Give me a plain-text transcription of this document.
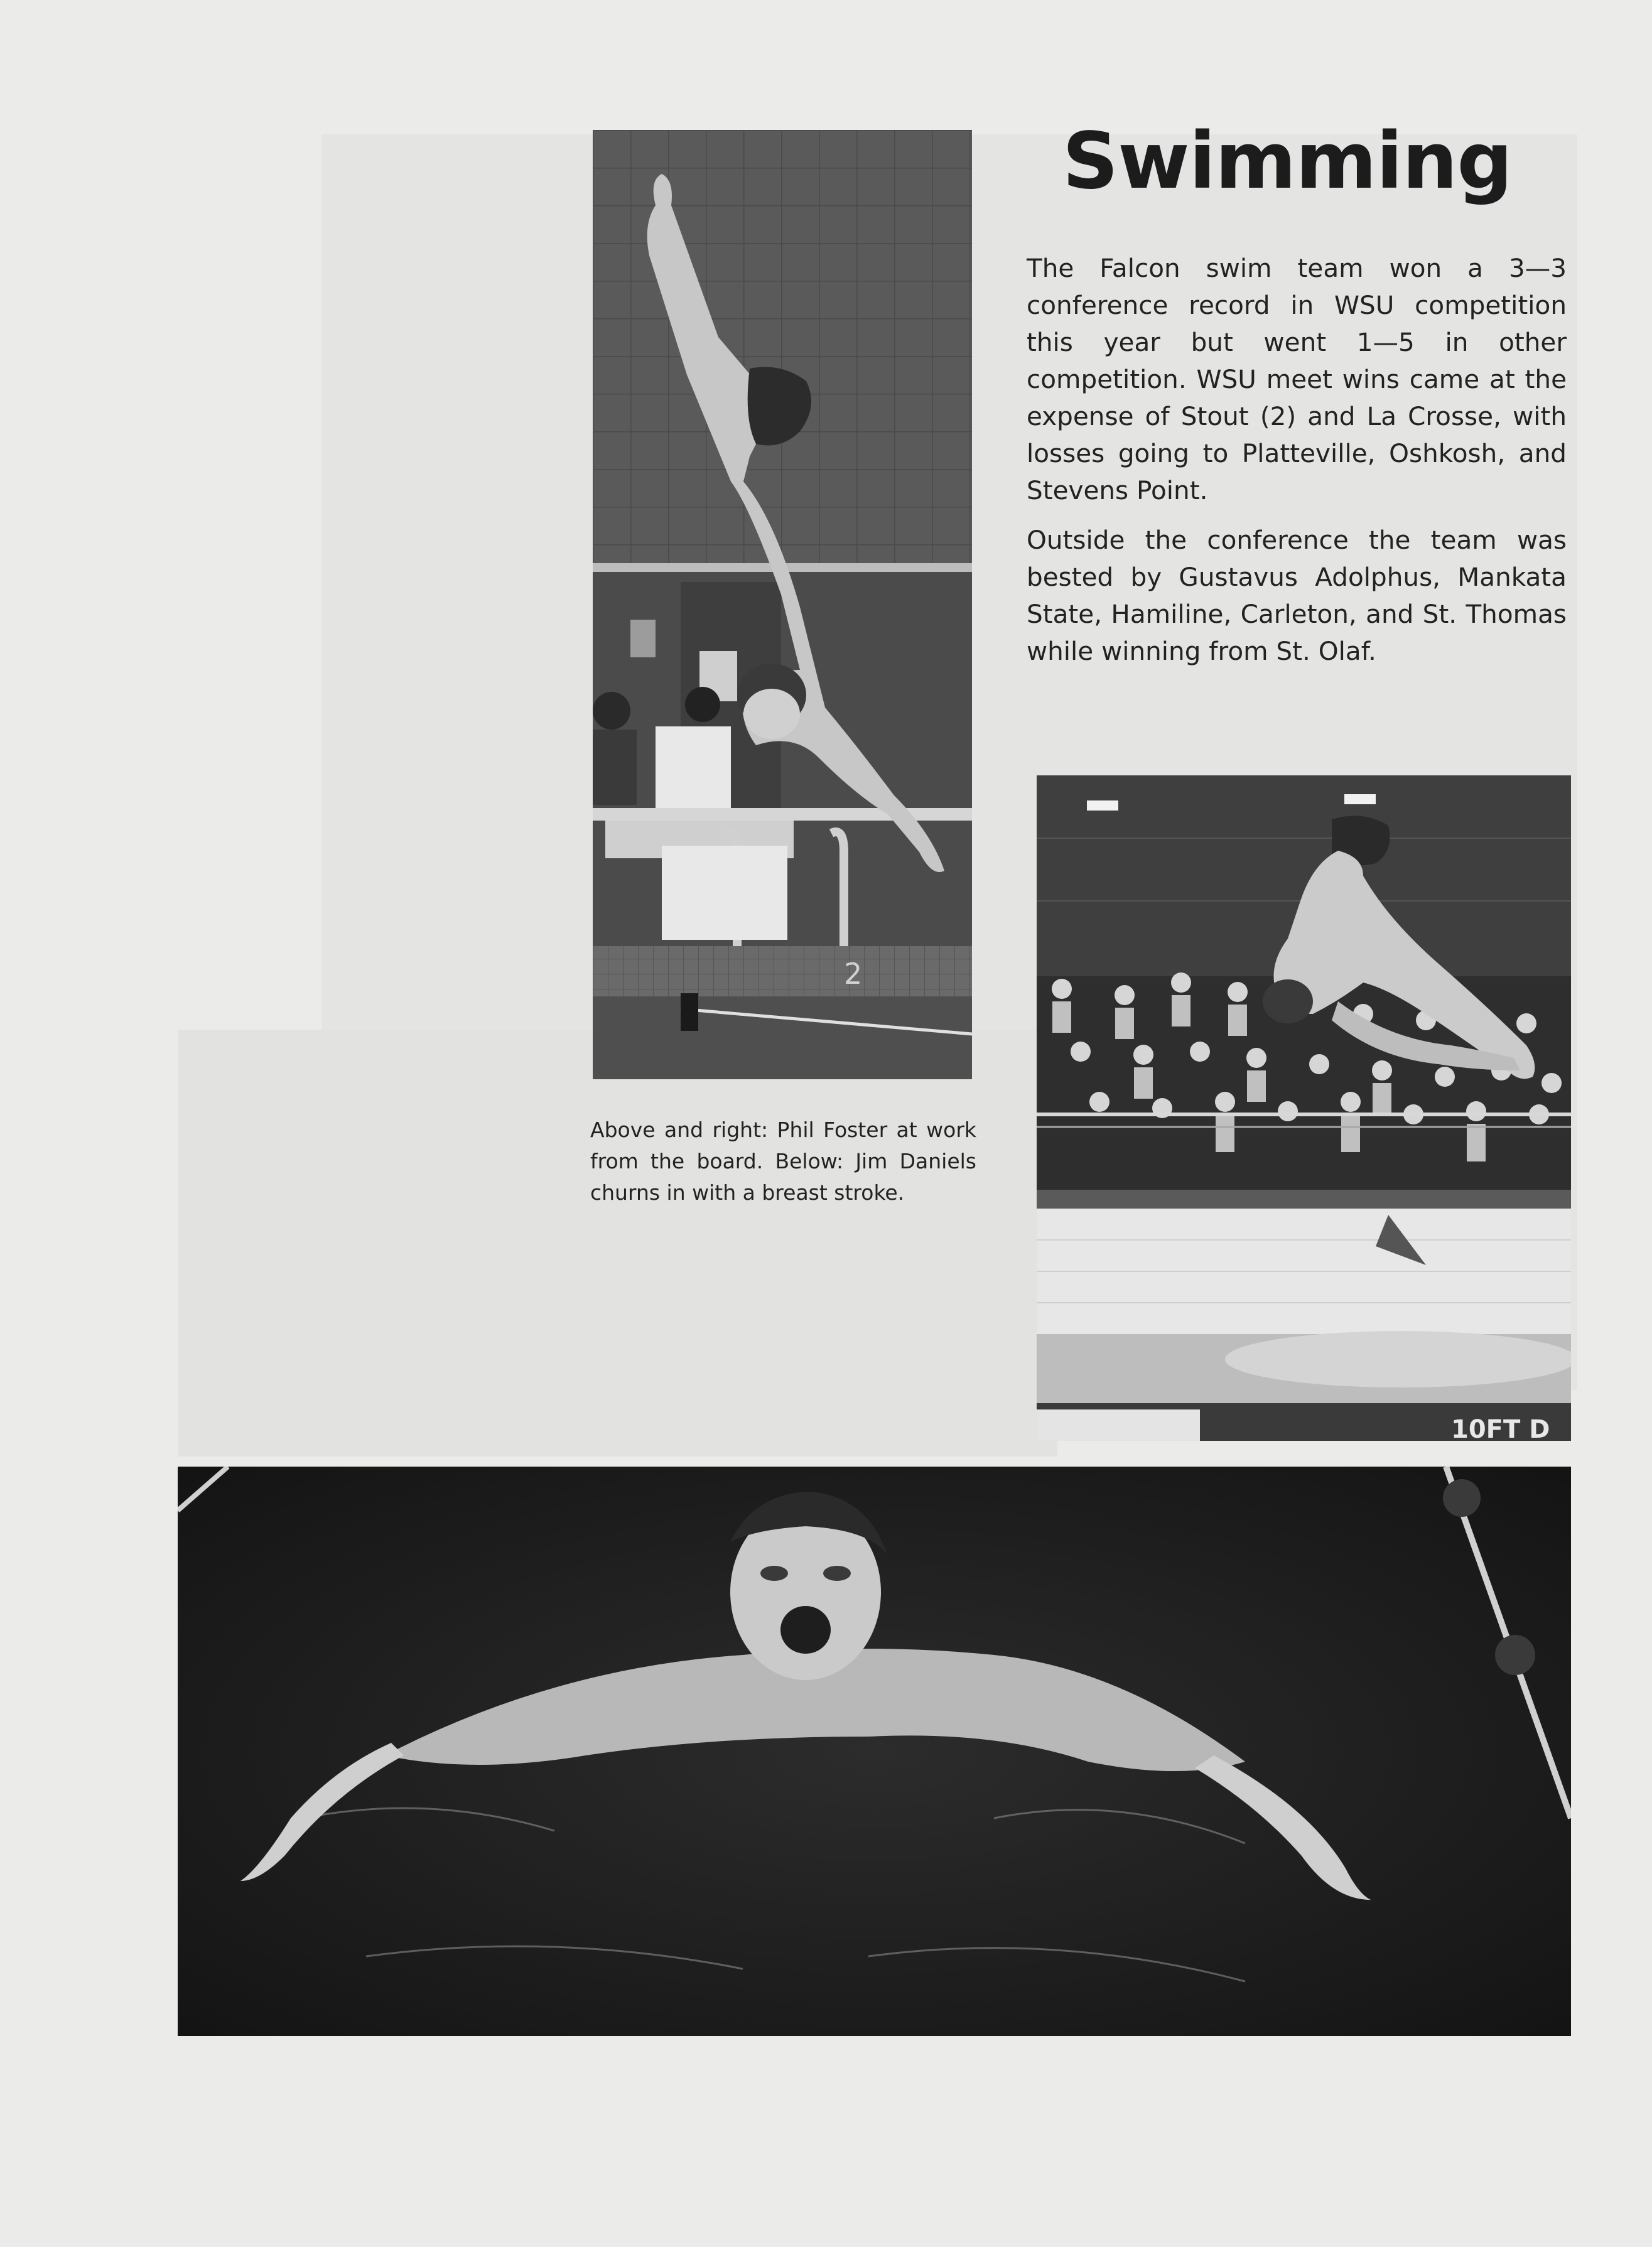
2
10FT D
Swimming

The Falcon swim team won a 3—3 conference record in WSU competition this year but went 1—5 in other competition. WSU meet wins came at the expense of Stout (2) and La Crosse, with losses going to Platteville, Oshkosh, and Stevens Point.

Outside the conference the team was bested by Gustavus Adolphus, Mankata State, Hamiline, Carleton, and St. Thomas while winning from St. Olaf.

Above and right: Phil Foster at work from the board. Below: Jim Daniels churns in with a breast stroke.
